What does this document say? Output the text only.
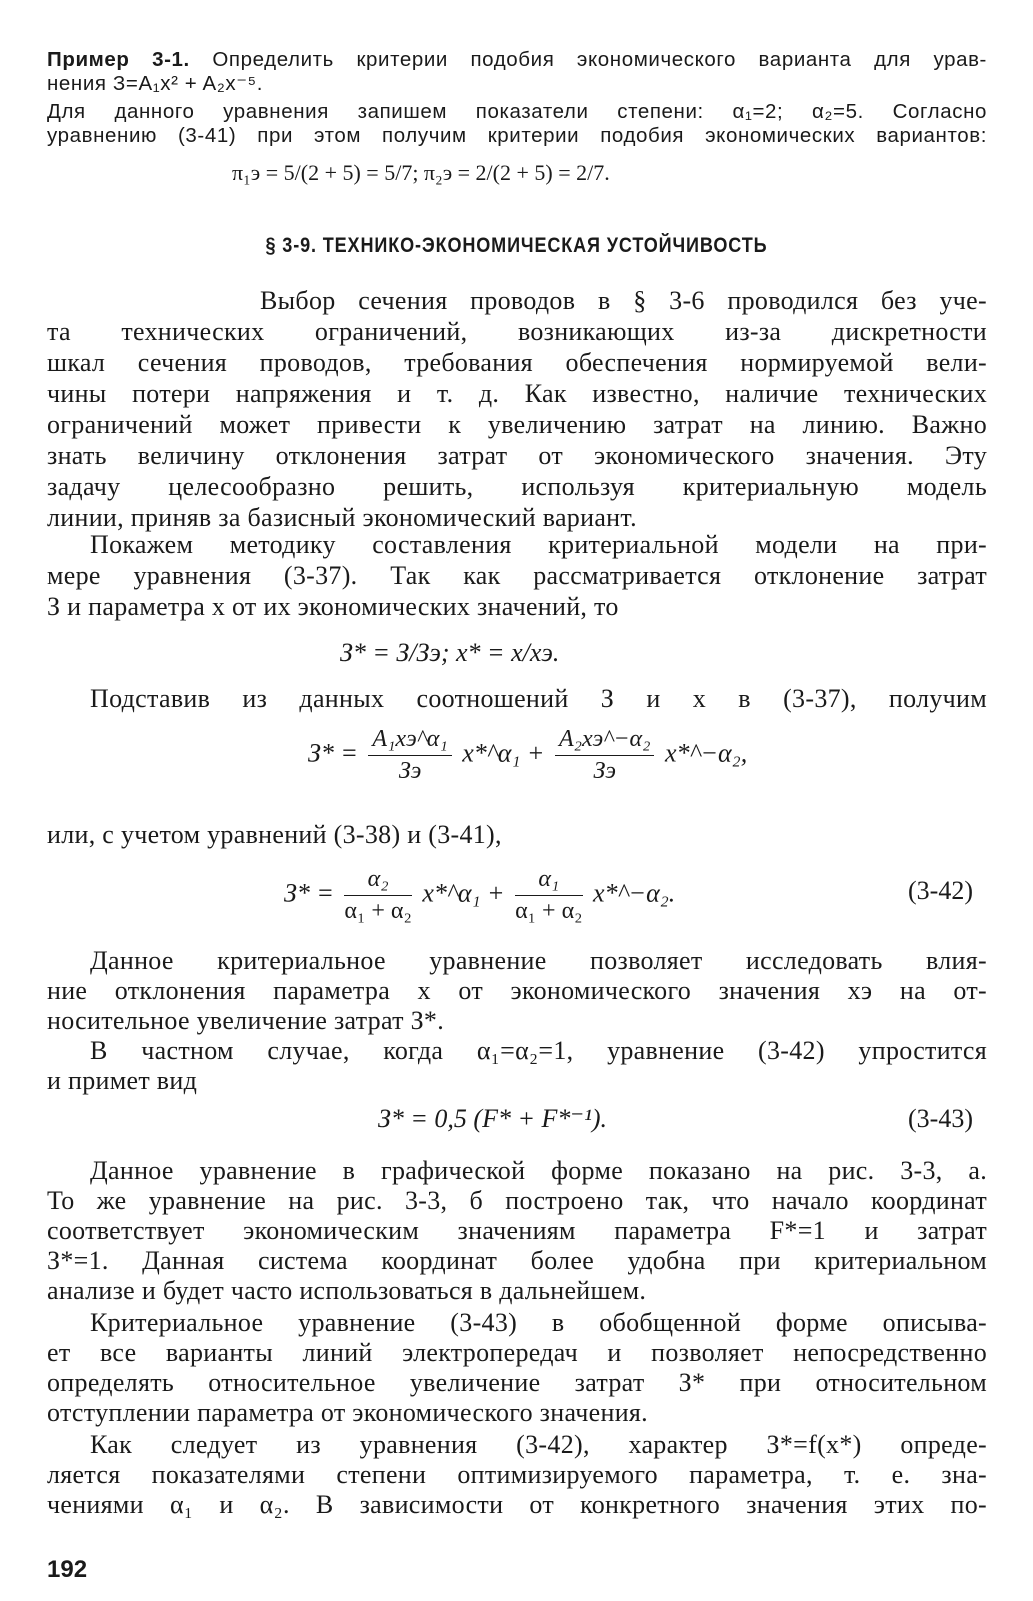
Пример 3-1. Определить критерии подобия экономического варианта для урав-
нения З=A₁x² + A₂x⁻⁵.
Для данного уравнения запишем показатели степени: α₁=2; α₂=5. Согласно
уравнению (3-41) при этом получим критерии подобия экономических вариантов:
π₁э = 5/(2 + 5) = 5/7; π₂э = 2/(2 + 5) = 2/7.
§ 3-9. ТЕХНИКО-ЭКОНОМИЧЕСКАЯ УСТОЙЧИВОСТЬ
Выбор сечения проводов в § 3-6 проводился без уче-
та технических ограничений, возникающих из-за дискретности
шкал сечения проводов, требования обеспечения нормируемой вели-
чины потери напряжения и т. д. Как известно, наличие технических
ограничений может привести к увеличению затрат на линию. Важно
знать величину отклонения затрат от экономического значения. Эту
задачу целесообразно решить, используя критериальную модель
линии, приняв за базисный экономический вариант.
Покажем методику составления критериальной модели на при-
мере уравнения (3-37). Так как рассматривается отклонение затрат
З и параметра x от их экономических значений, то
З* = З/Зэ; x* = x/xэ.
Подставив из данных соотношений З и x в (3-37), получим
$З* = \frac{\text{A₁xэ\textasciicircum{}α₁}}{Зэ}$ x*^α₁ + $\frac{\text{A₂xэ\textasciicircum{}−α₂}}{Зэ}$ x*^−α₂,
или, с учетом уравнений (3-38) и (3-41),
$З* = \frac{\text{α₂}}{\text{α₁ + α₂}}$ x*^α₁ + $\frac{\text{α₁}}{\text{α₁ + α₂}}$ x*^−α₂.	(3-42)
Данное критериальное уравнение позволяет исследовать влия-
ние отклонения параметра x от экономического значения xэ на от-
носительное увеличение затрат З*.
В частном случае, когда α₁=α₂=1, уравнение (3-42) упростится
и примет вид
З* = 0,5 (F* + F*⁻¹).	(3-43)
Данное уравнение в графической форме показано на рис. 3-3, а.
То же уравнение на рис. 3-3, б построено так, что начало координат
соответствует экономическим значениям параметра F*=1 и затрат
З*=1. Данная система координат более удобна при критериальном
анализе и будет часто использоваться в дальнейшем.
Критериальное уравнение (3-43) в обобщенной форме описыва-
ет все варианты линий электропередач и позволяет непосредственно
определять относительное увеличение затрат З* при относительном
отступлении параметра от экономического значения.
Как следует из уравнения (3-42), характер З*=f(x*) опреде-
ляется показателями степени оптимизируемого параметра, т. е. зна-
чениями α₁ и α₂. В зависимости от конкретного значения этих по-
192
